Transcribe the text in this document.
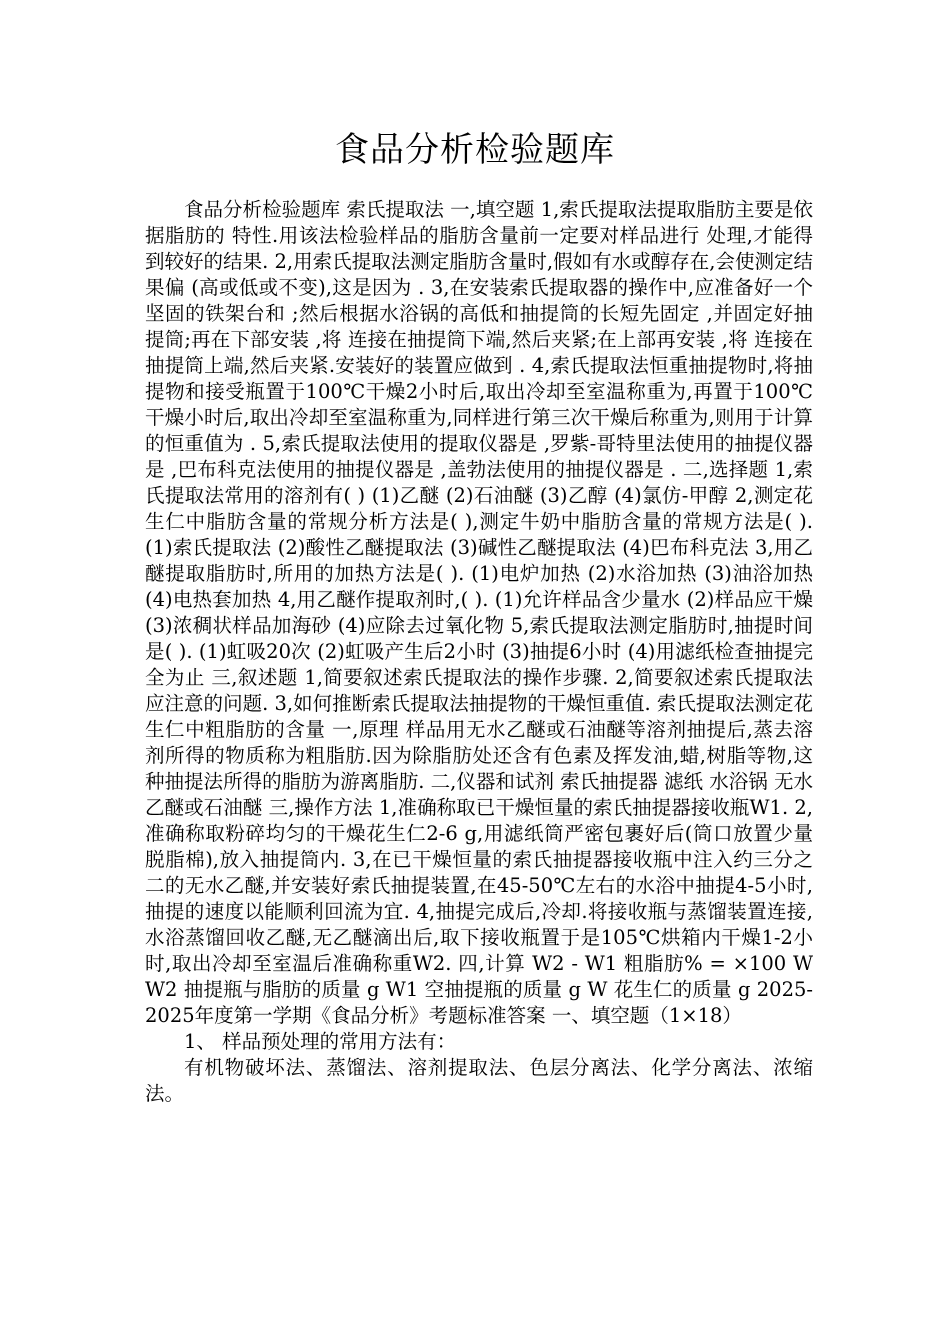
食品分析检验题库

食品分析检验题库 索氏提取法 一,填空题 1,索氏提取法提取脂肪主要是依据脂肪的 特性.用该法检验样品的脂肪含量前一定要对样品进行 处理,才能得到较好的结果. 2,用索氏提取法测定脂肪含量时,假如有水或醇存在,会使测定结果偏 (高或低或不变),这是因为 . 3,在安装索氏提取器的操作中,应准备好一个坚固的铁架台和 ;然后根据水浴锅的高低和抽提筒的长短先固定 ,并固定好抽提筒;再在下部安装 ,将 连接在抽提筒下端,然后夹紧;在上部再安装 ,将 连接在抽提筒上端,然后夹紧.安装好的装置应做到 . 4,索氏提取法恒重抽提物时,将抽提物和接受瓶置于100℃干燥2小时后,取出冷却至室温称重为,再置于100℃干燥小时后,取出冷却至室温称重为,同样进行第三次干燥后称重为,则用于计算的恒重值为 . 5,索氏提取法使用的提取仪器是 ,罗紫-哥特里法使用的抽提仪器是 ,巴布科克法使用的抽提仪器是 ,盖勃法使用的抽提仪器是 . 二,选择题 1,索氏提取法常用的溶剂有( ) (1)乙醚 (2)石油醚 (3)乙醇 (4)氯仿-甲醇 2,测定花生仁中脂肪含量的常规分析方法是( ),测定牛奶中脂肪含量的常规方法是( ). (1)索氏提取法 (2)酸性乙醚提取法 (3)碱性乙醚提取法 (4)巴布科克法 3,用乙醚提取脂肪时,所用的加热方法是( ). (1)电炉加热 (2)水浴加热 (3)油浴加热 (4)电热套加热 4,用乙醚作提取剂时,( ). (1)允许样品含少量水 (2)样品应干燥 (3)浓稠状样品加海砂 (4)应除去过氧化物 5,索氏提取法测定脂肪时,抽提时间是( ). (1)虹吸20次 (2)虹吸产生后2小时 (3)抽提6小时 (4)用滤纸检查抽提完全为止 三,叙述题 1,简要叙述索氏提取法的操作步骤. 2,简要叙述索氏提取法应注意的问题. 3,如何推断索氏提取法抽提物的干燥恒重值. 索氏提取法测定花生仁中粗脂肪的含量 一,原理 样品用无水乙醚或石油醚等溶剂抽提后,蒸去溶剂所得的物质称为粗脂肪.因为除脂肪处还含有色素及挥发油,蜡,树脂等物,这种抽提法所得的脂肪为游离脂肪. 二,仪器和试剂 索氏抽提器 滤纸 水浴锅 无水乙醚或石油醚 三,操作方法 1,准确称取已干燥恒量的索氏抽提器接收瓶W1. 2,准确称取粉碎均匀的干燥花生仁2-6 g,用滤纸筒严密包裹好后(筒口放置少量脱脂棉),放入抽提筒内. 3,在已干燥恒量的索氏抽提器接收瓶中注入约三分之二的无水乙醚,并安装好索氏抽提装置,在45-50℃左右的水浴中抽提4-5小时,抽提的速度以能顺利回流为宜. 4,抽提完成后,冷却.将接收瓶与蒸馏装置连接,水浴蒸馏回收乙醚,无乙醚滴出后,取下接收瓶置于是105℃烘箱内干燥1-2小时,取出冷却至室温后准确称重W2. 四,计算 W2 - W1 粗脂肪% = ×100 W W2 抽提瓶与脂肪的质量 g W1 空抽提瓶的质量 g W 花生仁的质量 g 2025-2025年度第一学期《食品分析》考题标准答案 一、填空题（1×18）

1、 样品预处理的常用方法有：

有机物破坏法、蒸馏法、溶剂提取法、色层分离法、化学分离法、浓缩法。
